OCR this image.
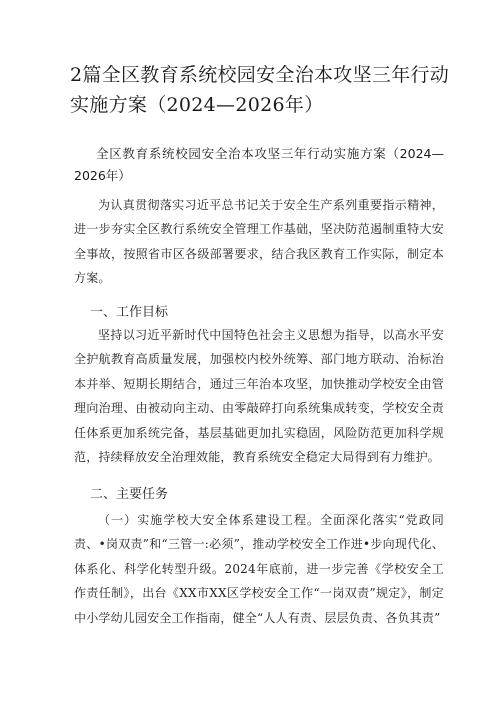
2篇全区教育系统校园安全治本攻坚三年行动实施方案（2024—2026年）

全区教育系统校园安全治本攻坚三年行动实施方案（2024—2026年）

为认真贯彻落实习近平总书记关于安全生产系列重要指示精神，进一步夯实全区教行系统安全管理工作基础，坚决防范遏制重特大安全事故，按照省市区各级部署要求，结合我区教育工作实际，制定本方案。

一、工作目标

坚持以习近平新时代中国特色社会主义思想为指导，以高水平安全护航教育高质量发展，加强校内校外统筹、部门地方联动、治标治本并举、短期长期结合，通过三年治本攻坚，加快推动学校安全由管理向治理、由被动向主动、由零敲碎打向系统集成转变，学校安全责任体系更加系统完备，基层基础更加扎实稳固，风险防范更加科学规范，持续释放安全治理效能，教育系统安全稳定大局得到有力维护。

二、主要任务

（一）实施学校大安全体系建设工程。全面深化落实“党政同责、•岗双责”和“三管一:必须”，推动学校安全工作进•步向现代化、体系化、科学化转型升级。2024年底前，进一步完善《学校安全工作责任制》，出台《XX市XX区学校安全工作“一岗双责”规定》，制定中小学幼儿园安全工作指南，健全“人人有责、层层负责、各负其责”
